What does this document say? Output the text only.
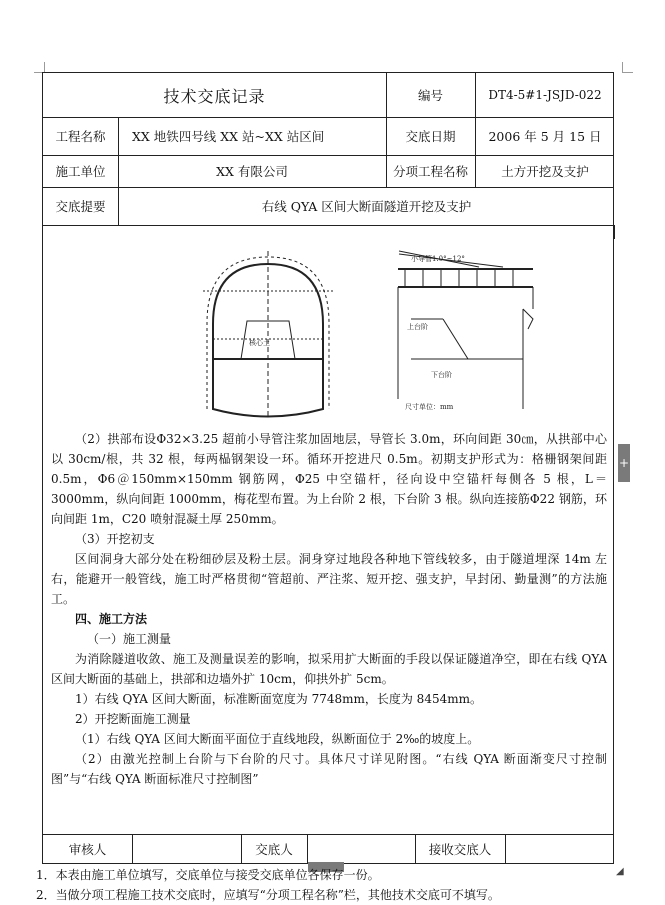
技术交底记录	编号	DT4-5#1-JSJD-022
工程名称	XX 地铁四号线 XX 站~XX 站区间	交底日期	2006 年 5 月 15 日
施工单位	XX 有限公司	分项工程名称	土方开挖及支护
交底提要	右线 QYA 区间大断面隧道开挖及支护
小导管1.0°~12°
上台阶
下台阶
核心土
尺寸单位：mm

（2）拱部布设Φ32×3.25 超前小导管注浆加固地层，导管长 3.0m，环向间距 30㎝，从拱部中心以 30cm/根，共 32 根，每两榀钢架设一环。循环开挖进尺 0.5m。初期支护形式为：格栅钢架间距 0.5m，Φ6＠150mm×150mm 钢筋网，Φ25 中空锚杆，径向设中空锚杆每侧各 5 根，L＝3000mm，纵向间距 1000mm，梅花型布置。为上台阶 2 根，下台阶 3 根。纵向连接筋Φ22 钢筋，环向间距 1m，C20 喷射混凝土厚 250mm。

（3）开挖初支

区间洞身大部分处在粉细砂层及粉土层。洞身穿过地段各种地下管线较多，由于隧道埋深 14m 左右，能避开一般管线，施工时严格贯彻“管超前、严注浆、短开挖、强支护，早封闭、勤量测”的方法施工。

四、施工方法

（一）施工测量

为消除隧道收敛、施工及测量误差的影响，拟采用扩大断面的手段以保证隧道净空，即在右线 QYA 区间大断面的基础上，拱部和边墙外扩 10cm，仰拱外扩 5cm。

1）右线 QYA 区间大断面，标准断面宽度为 7748mm，长度为 8454mm。

2）开挖断面施工测量

（1）右线 QYA 区间大断面平面位于直线地段，纵断面位于 2‰的坡度上。

（2）由激光控制上台阶与下台阶的尺寸。具体尺寸详见附图。“右线 QYA 断面渐变尺寸控制图”与“右线 QYA 断面标准尺寸控制图”

审核人	交底人	接收交底人
+
◢
1．本表由施工单位填写，交底单位与接受交底单位各保存一份。
2．当做分项工程施工技术交底时，应填写“分项工程名称”栏，其他技术交底可不填写。
